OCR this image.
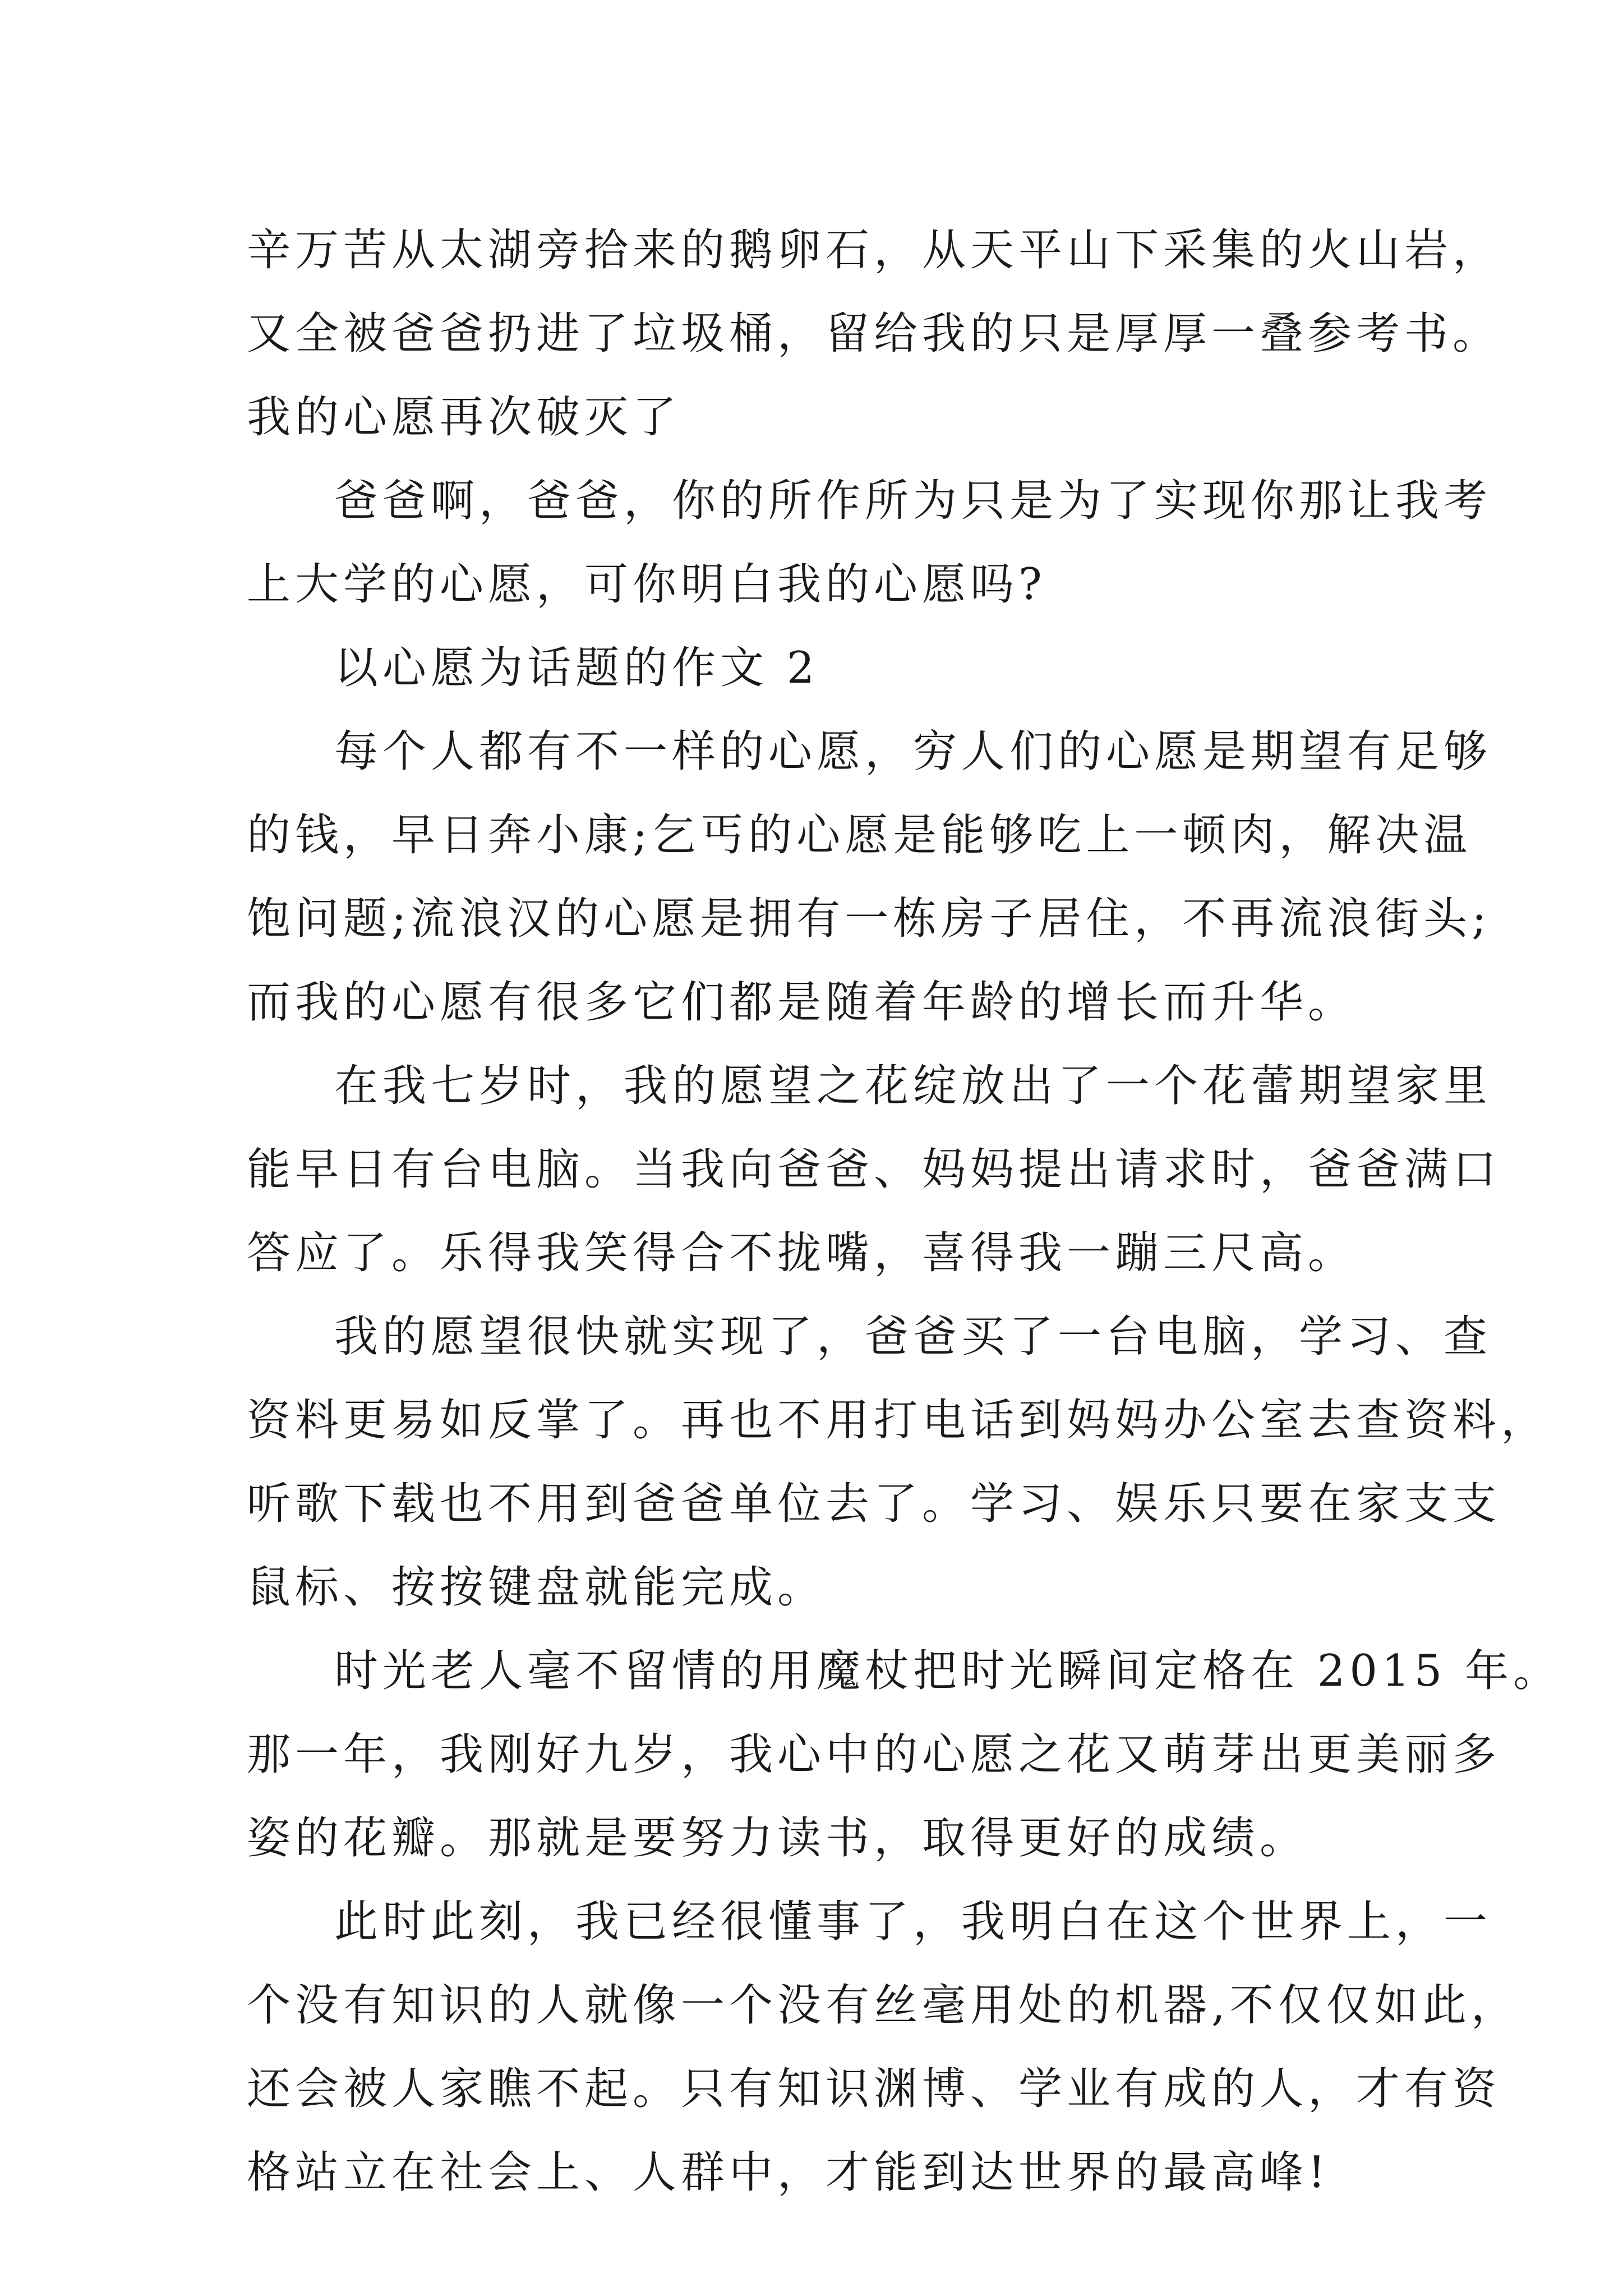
辛万苦从太湖旁拾来的鹅卵石，从天平山下采集的火山岩，
又全被爸爸扔进了垃圾桶，留给我的只是厚厚一叠参考书。
我的心愿再次破灭了

爸爸啊，爸爸，你的所作所为只是为了实现你那让我考
上大学的心愿，可你明白我的心愿吗?

以心愿为话题的作文 2

每个人都有不一样的心愿，穷人们的心愿是期望有足够
的钱，早日奔小康;乞丐的心愿是能够吃上一顿肉，解决温
饱问题;流浪汉的心愿是拥有一栋房子居住，不再流浪街头;
而我的心愿有很多它们都是随着年龄的增长而升华。

在我七岁时，我的愿望之花绽放出了一个花蕾期望家里
能早日有台电脑。当我向爸爸、妈妈提出请求时，爸爸满口
答应了。乐得我笑得合不拢嘴，喜得我一蹦三尺高。

我的愿望很快就实现了，爸爸买了一台电脑，学习、查
资料更易如反掌了。再也不用打电话到妈妈办公室去查资料，
听歌下载也不用到爸爸单位去了。学习、娱乐只要在家支支
鼠标、按按键盘就能完成。

时光老人毫不留情的用魔杖把时光瞬间定格在 2015 年。
那一年，我刚好九岁，我心中的心愿之花又萌芽出更美丽多
姿的花瓣。那就是要努力读书，取得更好的成绩。

此时此刻，我已经很懂事了，我明白在这个世界上，一
个没有知识的人就像一个没有丝毫用处的机器,不仅仅如此，
还会被人家瞧不起。只有知识渊博、学业有成的人，才有资
格站立在社会上、人群中，才能到达世界的最高峰!
